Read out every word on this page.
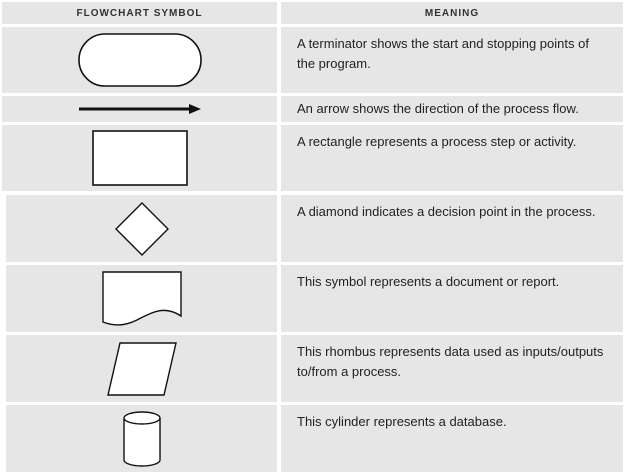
FLOWCHART SYMBOL	MEANING
A terminator shows the start and stopping points of the program.
An arrow shows the direction of the process flow.
A rectangle represents a process step or activity.
A diamond indicates a decision point in the process.
This symbol represents a document or report.
This rhombus represents data used as inputs/outputs to/from a process.
This cylinder represents a database.
